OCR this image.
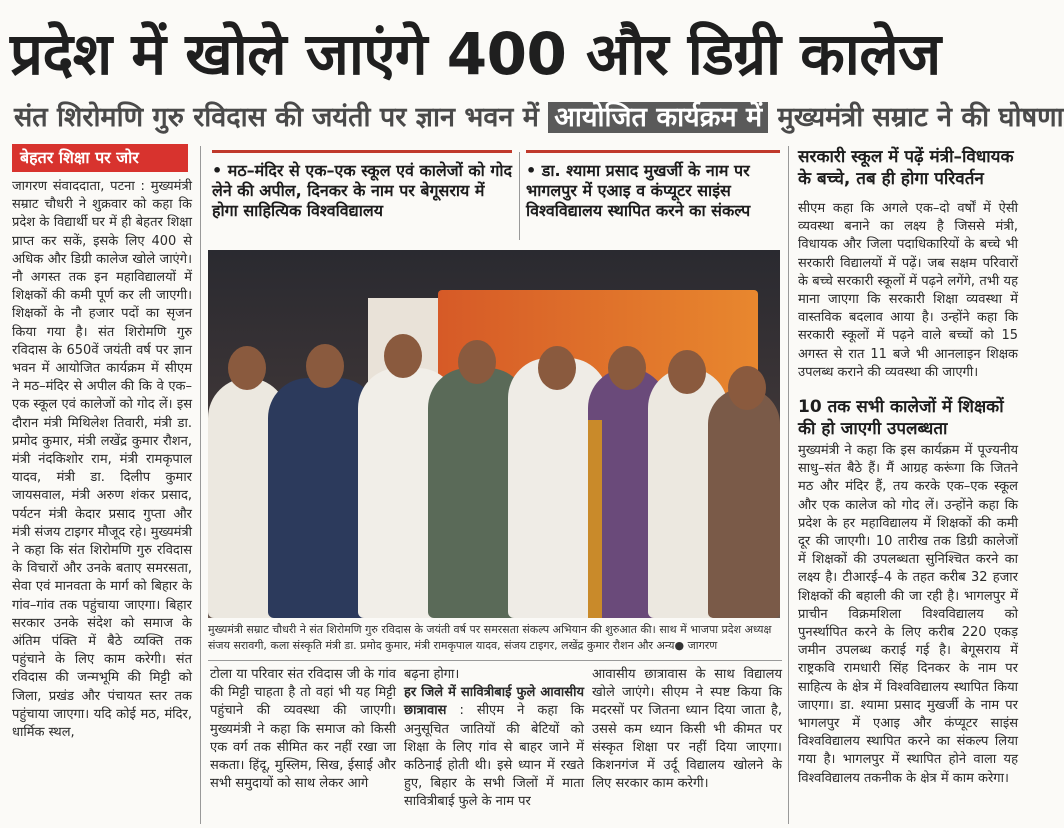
प्रदेश में खोले जाएंगे 400 और डिग्री कालेज
संत शिरोमणि गुरु रविदास की जयंती पर ज्ञान भवन में आयोजित कार्यक्रम में मुख्यमंत्री सम्राट ने की घोषणा
बेहतर शिक्षा पर जोर

जागरण संवाददाता, पटना : मुख्यमंत्री सम्राट चौधरी ने शुक्रवार को कहा कि प्रदेश के विद्यार्थी घर में ही बेहतर शिक्षा प्राप्त कर सकें, इसके लिए 400 से अधिक और डिग्री कालेज खोले जाएंगे। नौ अगस्त तक इन महाविद्यालयों में शिक्षकों की कमी पूर्ण कर ली जाएगी। शिक्षकों के नौ हजार पदों का सृजन किया गया है। संत शिरोमणि गुरु रविदास के 650वें जयंती वर्ष पर ज्ञान भवन में आयोजित कार्यक्रम में सीएम ने मठ–मंदिर से अपील की कि वे एक–एक स्कूल एवं कालेजों को गोद लें। इस दौरान मंत्री मिथिलेश तिवारी, मंत्री डा. प्रमोद कुमार, मंत्री लखेंद्र कुमार रौशन, मंत्री नंदकिशोर राम, मंत्री रामकृपाल यादव, मंत्री डा. दिलीप कुमार जायसवाल, मंत्री अरुण शंकर प्रसाद, पर्यटन मंत्री केदार प्रसाद गुप्ता और मंत्री संजय टाइगर मौजूद रहे। मुख्यमंत्री ने कहा कि संत शिरोमणि गुरु रविदास के विचारों और उनके बताए समरसता, सेवा एवं मानवता के मार्ग को बिहार के गांव–गांव तक पहुंचाया जाएगा। बिहार सरकार उनके संदेश को समाज के अंतिम पंक्ति में बैठे व्यक्ति तक पहुंचाने के लिए काम करेगी। संत रविदास की जन्मभूमि की मिट्टी को जिला, प्रखंड और पंचायत स्तर तक पहुंचाया जाएगा। यदि कोई मठ, मंदिर, धार्मिक स्थल,

• मठ–मंदिर से एक–एक स्कूल एवं कालेजों को गोद लेने की अपील, दिनकर के नाम पर बेगूसराय में होगा साहित्यिक विश्वविद्यालय
• डा. श्यामा प्रसाद मुखर्जी के नाम पर भागलपुर में एआइ व कंप्यूटर साइंस विश्वविद्यालय स्थापित करने का संकल्प
सरकारी स्कूल में पढ़ें मंत्री–विधायक के बच्चे, तब ही होगा परिवर्तन
सीएम कहा कि अगले एक–दो वर्षों में ऐसी व्यवस्था बनाने का लक्ष्य है जिससे मंत्री, विधायक और जिला पदाधिकारियों के बच्चे भी सरकारी विद्यालयों में पढ़ें। जब सक्षम परिवारों के बच्चे सरकारी स्कूलों में पढ़ने लगेंगे, तभी यह माना जाएगा कि सरकारी शिक्षा व्यवस्था में वास्तविक बदलाव आया है। उन्होंने कहा कि सरकारी स्कूलों में पढ़ने वाले बच्चों को 15 अगस्त से रात 11 बजे भी आनलाइन शिक्षक उपलब्ध कराने की व्यवस्था की जाएगी।
10 तक सभी कालेजों में शिक्षकों की हो जाएगी उपलब्धता
मुख्यमंत्री ने कहा कि इस कार्यक्रम में पूज्यनीय साधु–संत बैठे हैं। मैं आग्रह करूंगा कि जितने मठ और मंदिर हैं, तय करके एक–एक स्कूल और एक कालेज को गोद लें। उन्होंने कहा कि प्रदेश के हर महाविद्यालय में शिक्षकों की कमी दूर की जाएगी। 10 तारीख तक डिग्री कालेजों में शिक्षकों की उपलब्धता सुनिश्चित करने का लक्ष्य है। टीआरई–4 के तहत करीब 32 हजार शिक्षकों की बहाली की जा रही है। भागलपुर में प्राचीन विक्रमशिला विश्वविद्यालय को पुनर्स्थापित करने के लिए करीब 220 एकड़ जमीन उपलब्ध कराई गई है। बेगूसराय में राष्ट्रकवि रामधारी सिंह दिनकर के नाम पर साहित्य के क्षेत्र में विश्वविद्यालय स्थापित किया जाएगा। डा. श्यामा प्रसाद मुखर्जी के नाम पर भागलपुर में एआइ और कंप्यूटर साइंस विश्वविद्यालय स्थापित करने का संकल्प लिया गया है। भागलपुर में स्थापित होने वाला यह विश्वविद्यालय तकनीक के क्षेत्र में काम करेगा।
मुख्यमंत्री सम्राट चौधरी ने संत शिरोमणि गुरु रविदास के जयंती वर्ष पर समरसता संकल्प अभियान की शुरुआत की। साथ में भाजपा प्रदेश अध्यक्ष संजय सरावगी, कला संस्कृति मंत्री डा. प्रमोद कुमार, मंत्री रामकृपाल यादव, संजय टाइगर, लखेंद्र कुमार रौशन और अन्य● जागरण
टोला या परिवार संत रविदास जी के गांव की मिट्टी चाहता है तो वहां भी यह मिट्टी पहुंचाने की व्यवस्था की जाएगी। मुख्यमंत्री ने कहा कि समाज को किसी एक वर्ग तक सीमित कर नहीं रखा जा सकता। हिंदू, मुस्लिम, सिख, ईसाई और सभी समुदायों को साथ लेकर आगे
बढ़ना होगा।
हर जिले में सावित्रीबाई फुले आवासीय छात्रावास : सीएम ने कहा कि अनुसूचित जातियों की बेटियों को शिक्षा के लिए गांव से बाहर जाने में कठिनाई होती थी। इसे ध्यान में रखते हुए, बिहार के सभी जिलों में माता सावित्रीबाई फुले के नाम पर
आवासीय छात्रावास के साथ विद्यालय खोले जाएंगे। सीएम ने स्पष्ट किया कि मदरसों पर जितना ध्यान दिया जाता है, उससे कम ध्यान किसी भी कीमत पर संस्कृत शिक्षा पर नहीं दिया जाएगा। किशनगंज में उर्दू विद्यालय खोलने के लिए सरकार काम करेगी।
